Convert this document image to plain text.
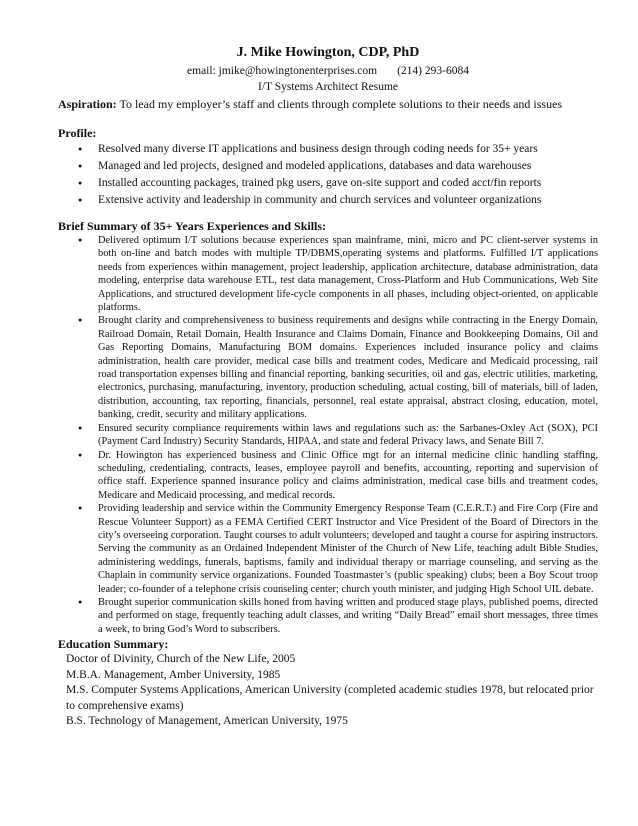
J. Mike Howington, CDP, PhD

email: jmike@howingtonenterprises.com (214) 293-6084

I/T Systems Architect Resume

Aspiration: To lead my employer’s staff and clients through complete solutions to their needs and issues

Profile:
● Resolved many diverse IT applications and business design through coding needs for 35+ years
● Managed and led projects, designed and modeled applications, databases and data warehouses
● Installed accounting packages, trained pkg users, gave on-site support and coded acct/fin reports
● Extensive activity and leadership in community and church services and volunteer organizations
Brief Summary of 35+ Years Experiences and Skills:
● Delivered optimum I/T solutions because experiences span mainframe, mini, micro and PC client-server systems in both on-line and batch modes with multiple TP/DBMS,operating systems and platforms. Fulfilled I/T applications needs from experiences within management, project leadership, application architecture, database administration, data modeling, enterprise data warehouse ETL, test data management, Cross-Platform and Hub Communications, Web Site Applications, and structured development life-cycle components in all phases, including object-oriented, on applicable platforms.
● Brought clarity and comprehensiveness to business requirements and designs while contracting in the Energy Domain, Railroad Domain, Retail Domain, Health Insurance and Claims Domain, Finance and Bookkeeping Domains, Oil and Gas Reporting Domains, Manufacturing BOM domains. Experiences included insurance policy and claims administration, health care provider, medical case bills and treatment codes, Medicare and Medicaid processing, rail road transportation expenses billing and financial reporting, banking securities, oil and gas, electric utilities, marketing, electronics, purchasing, manufacturing, inventory, production scheduling, actual costing, bill of materials, bill of laden, distribution, accounting, tax reporting, financials, personnel, real estate appraisal, abstract closing, education, motel, banking, credit, security and military applications.
● Ensured security compliance requirements within laws and regulations such as: the Sarbanes-Oxley Act (SOX), PCI (Payment Card Industry) Security Standards, HIPAA, and state and federal Privacy laws, and Senate Bill 7.
● Dr. Howington has experienced business and Clinic Office mgt for an internal medicine clinic handling staffing, scheduling, credentialing, contracts, leases, employee payroll and benefits, accounting, reporting and supervision of office staff. Experience spanned insurance policy and claims administration, medical case bills and treatment codes, Medicare and Medicaid processing, and medical records.
● Providing leadership and service within the Community Emergency Response Team (C.E.R.T.) and Fire Corp (Fire and Rescue Volunteer Support) as a FEMA Certified CERT Instructor and Vice President of the Board of Directors in the city’s overseeing corporation. Taught courses to adult volunteers; developed and taught a course for aspiring instructors. Serving the community as an Ordained Independent Minister of the Church of New Life, teaching adult Bible Studies, administering weddings, funerals, baptisms, family and individual therapy or marriage counseling, and serving as the Chaplain in community service organizations. Founded Toastmaster’s (public speaking) clubs; been a Boy Scout troop leader; co-founder of a telephone crisis counseling center; church youth minister, and judging High School UIL debate.
● Brought superior communication skills honed from having written and produced stage plays, published poems, directed and performed on stage, frequently teaching adult classes, and writing “Daily Bread” email short messages, three times a week, to bring God’s Word to subscribers.
Education Summary:
Doctor of Divinity, Church of the New Life, 2005
M.B.A. Management, Amber University, 1985
M.S. Computer Systems Applications, American University (completed academic studies 1978, but relocated prior to comprehensive exams)
B.S. Technology of Management, American University, 1975
